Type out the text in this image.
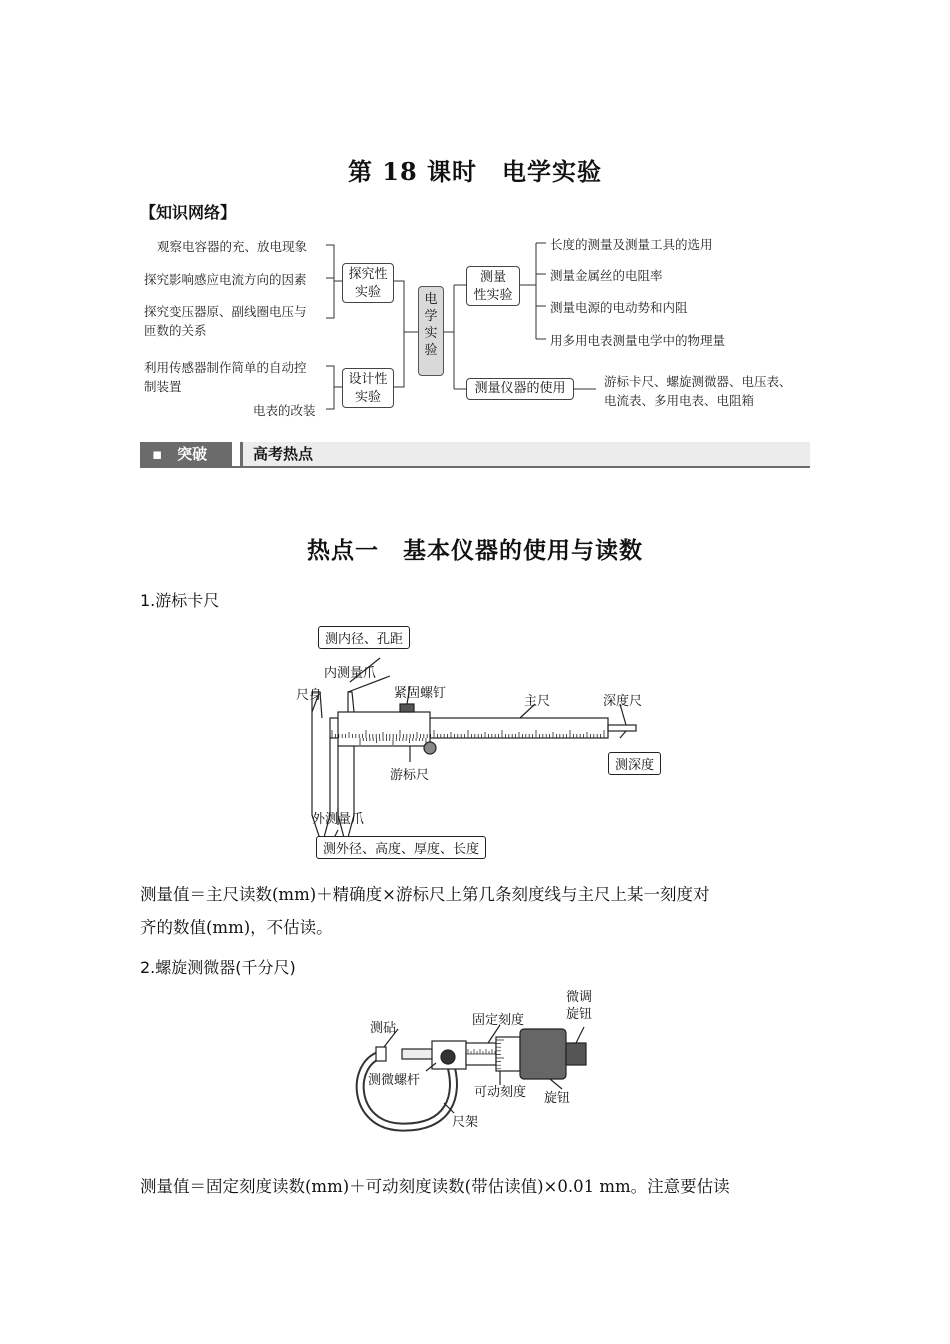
第 18 课时　电学实验
【知识网络】
观察电容器的充、放电现象
探究影响感应电流方向的因素
探究变压器原、副线圈电压与
匝数的关系
利用传感器制作简单的自动控
制装置
电表的改装
探究性
实验
设计性
实验
电
学
实
验
测量
性实验
测量仪器的使用
长度的测量及测量工具的选用
测量金属丝的电阻率
测量电源的电动势和内阻
用多用电表测量电学中的物理量
游标卡尺、螺旋测微器、电压表、
电流表、多用电表、电阻箱
▪　突破	高考热点
热点一　基本仪器的使用与读数
1.游标卡尺
测内径、孔距
内测量爪
尺身	紧固螺钉
主尺	深度尺
游标尺
测深度
外测量爪
测外径、高度、厚度、长度
测量值＝主尺读数(mm)＋精确度×游标尺上第几条刻度线与主尺上某一刻度对
齐的数值(mm)，不估读。
2.螺旋测微器(千分尺)
测砧
固定刻度
微调
旋钮
测微螺杆
可动刻度 旋钮
尺架
测量值＝固定刻度读数(mm)＋可动刻度读数(带估读值)×0.01 mm。注意要估读
